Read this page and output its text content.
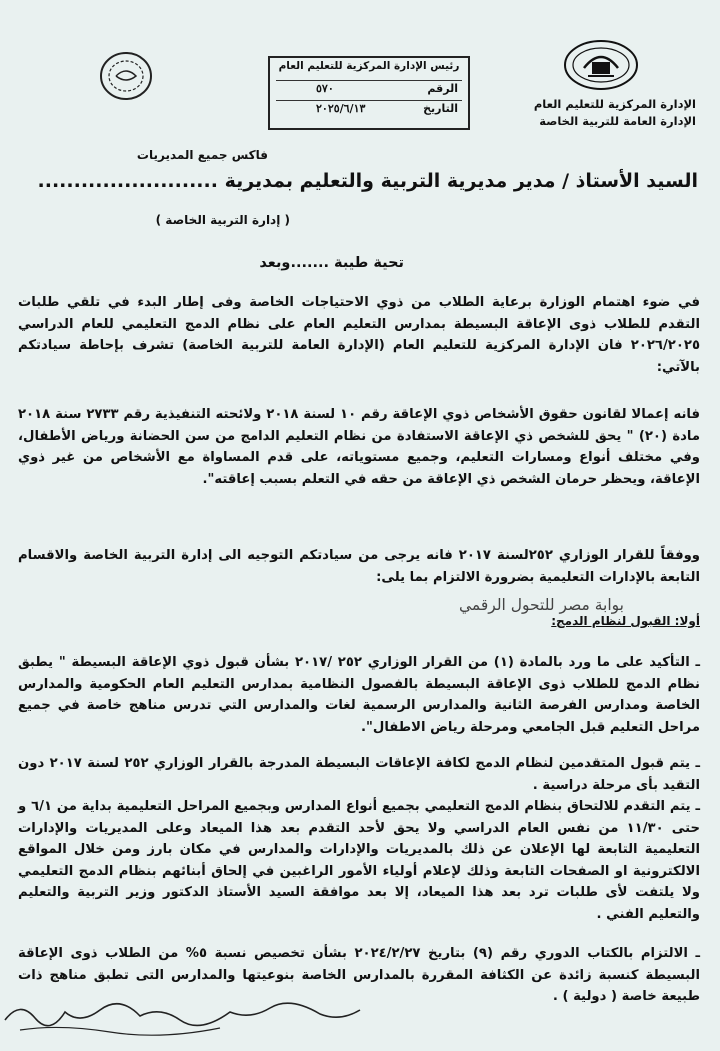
الإدارة المركزية للتعليم العام
الإدارة العامة للتربية الخاصة
رئيس الإدارة المركزية للتعليم العام
الرقم
٥٧٠
التاريخ
٢٠٢٥/٦/١٣
فاكس جميع المديريات
السيد الأستاذ / مدير مديرية التربية والتعليم بمديرية .........................
( إدارة التربية الخاصة )
تحية طيبة .......وبعد
في ضوء اهتمام الوزارة برعاية الطلاب من ذوي الاحتياجات الخاصة وفى إطار البدء في تلقي طلبات التقدم للطلاب ذوى الإعاقة البسيطة بمدارس التعليم العام على نظام الدمج التعليمي للعام الدراسي ٢٠٢٦/٢٠٢٥ فان الإدارة المركزية للتعليم العام (الإدارة العامة للتربية الخاصة) تشرف بإحاطة سيادتكم بالآتي:
فانه إعمالا لقانون حقوق الأشخاص ذوي الإعاقة رقم ١٠ لسنة ٢٠١٨ ولائحته التنفيذية رقم ٢٧٣٣ سنة ٢٠١٨ مادة (٢٠) " يحق للشخص ذي الإعاقة الاستفادة من نظام التعليم الدامج من سن الحضانة ورياض الأطفال، وفي مختلف أنواع ومسارات التعليم، وجميع مستوياته، على قدم المساواة مع الأشخاص من غير ذوي الإعاقة، ويحظر حرمان الشخص ذي الإعاقة من حقه في التعلم بسبب إعاقته".
ووفقاً للقرار الوزاري ٢٥٢لسنة ٢٠١٧ فانه يرجى من سيادتكم التوجيه الى إدارة التربية الخاصة والاقسام التابعة بالإدارات التعليمية بضرورة الالتزام بما يلى:
بوابة مصر للتحول الرقمي
أولا: القبول لنظام الدمج:
ـ التأكيد على ما ورد بالمادة (١) من القرار الوزاري ٢٥٢ /٢٠١٧ بشأن قبول ذوي الإعاقة البسيطة " يطبق نظام الدمج للطلاب ذوى الإعاقة البسيطة بالفصول النظامية بمدارس التعليم العام الحكومية والمدارس الخاصة ومدارس الفرصة الثانية والمدارس الرسمية لغات والمدارس التي تدرس مناهج خاصة في جميع مراحل التعليم قبل الجامعي ومرحلة رياض الاطفال".
ـ يتم قبول المتقدمين لنظام الدمج لكافة الإعاقات البسيطة المدرجة بالقرار الوزاري ٢٥٢ لسنة ٢٠١٧ دون التقيد بأى مرحلة دراسية .
ـ يتم التقدم للالتحاق بنظام الدمج التعليمي بجميع أنواع المدارس وبجميع المراحل التعليمية بداية من ٦/١ و حتى ١١/٣٠ من نفس العام الدراسي ولا يحق لأحد التقدم بعد هذا الميعاد وعلى المديريات والإدارات التعليمية التابعة لها الإعلان عن ذلك بالمديريات والإدارات والمدارس في مكان بارز ومن خلال المواقع الالكترونية او الصفحات التابعة وذلك لإعلام أولياء الأمور الراغبين في إلحاق أبنائهم بنظام الدمج التعليمي ولا يلتفت لأى طلبات ترد بعد هذا الميعاد، إلا بعد موافقة السيد الأستاذ الدكتور وزير التربية والتعليم والتعليم الفني .
ـ الالتزام بالكتاب الدوري رقم (٩) بتاريخ ٢٠٢٤/٢/٢٧ بشأن تخصيص نسبة ٥% من الطلاب ذوى الإعاقة البسيطة كنسبة زائدة عن الكثافة المقررة بالمدارس الخاصة بنوعيتها والمدارس التى تطبق مناهج ذات طبيعة خاصة ( دولية ) .
